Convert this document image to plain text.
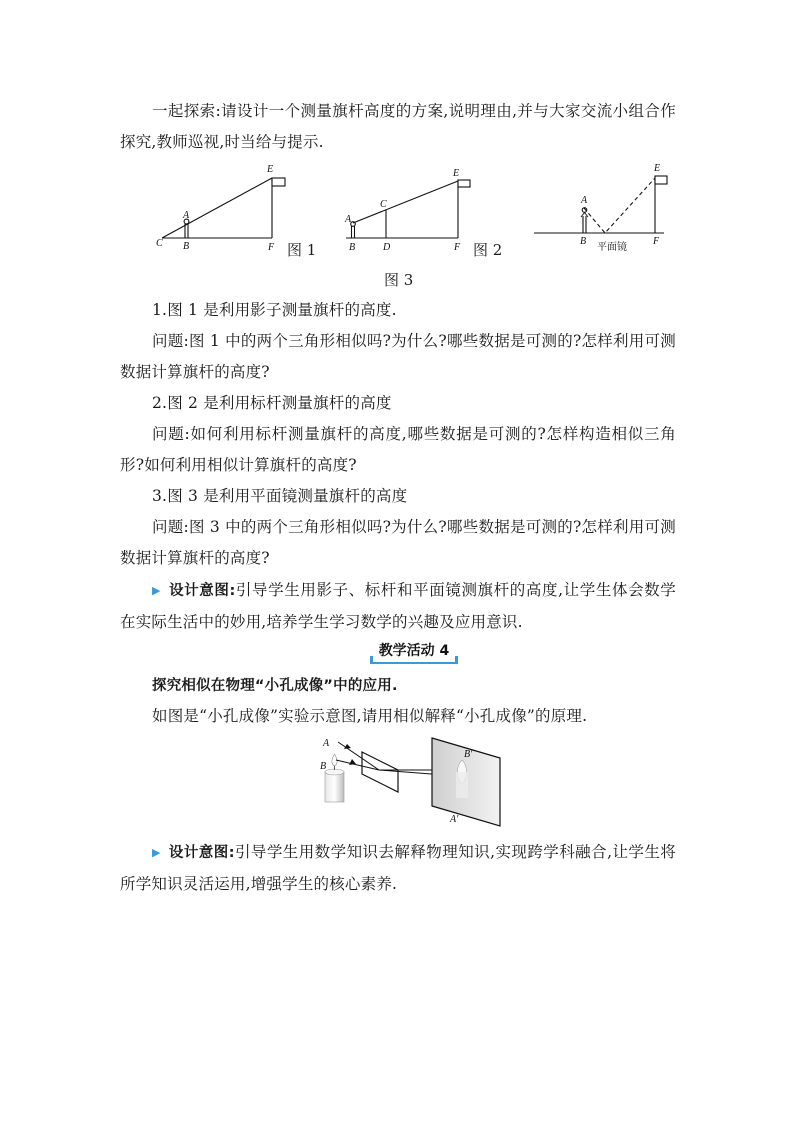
一起探索:请设计一个测量旗杆高度的方案,说明理由,并与大家交流小组合作探究,教师巡视,时当给与提示.

A
B
C
E
F
A
B
C
D
E
F
A
B
E
F
平面镜
图 1	图 2
图 3

1.图 1 是利用影子测量旗杆的高度.

问题:图 1 中的两个三角形相似吗?为什么?哪些数据是可测的?怎样利用可测数据计算旗杆的高度?

2.图 2 是利用标杆测量旗杆的高度

问题:如何利用标杆测量旗杆的高度,哪些数据是可测的?怎样构造相似三角形?如何利用相似计算旗杆的高度?

3.图 3 是利用平面镜测量旗杆的高度

问题:图 3 中的两个三角形相似吗?为什么?哪些数据是可测的?怎样利用可测数据计算旗杆的高度?

▶ 设计意图:引导学生用影子、标杆和平面镜测旗杆的高度,让学生体会数学在实际生活中的妙用,培养学生学习数学的兴趣及应用意识.

教学活动 4

探究相似在物理“小孔成像”中的应用.

如图是“小孔成像”实验示意图,请用相似解释“小孔成像”的原理.

A
B
B′
A′

▶ 设计意图:引导学生用数学知识去解释物理知识,实现跨学科融合,让学生将所学知识灵活运用,增强学生的核心素养.
